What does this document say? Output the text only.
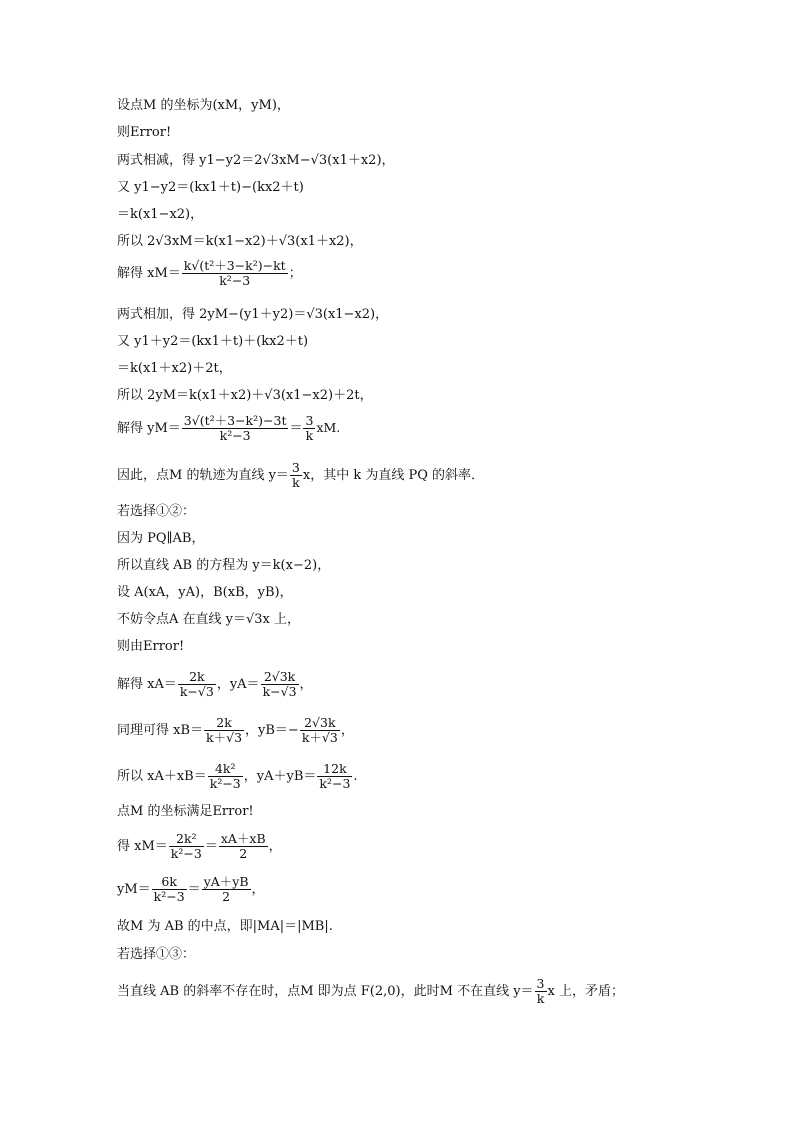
设点M 的坐标为(xM，yM)，
则Error!
两式相减，得 y1−y2＝2√3xM−√3(x1＋x2)，
又 y1−y2＝(kx1＋t)−(kx2＋t)
＝k(x1−x2)，
所以 2√3xM＝k(x1−x2)＋√3(x1＋x2)，
解得 $xM= \frac{\text{k√(t²＋3−k²)−kt}}{\text{k²−3}}$ ；
两式相加，得 2yM−(y1＋y2)＝√3(x1−x2)，
又 y1＋y2＝(kx1＋t)＋(kx2＋t)
＝k(x1＋x2)＋2t，
所以 2yM＝k(x1＋x2)＋√3(x1−x2)＋2t，
解得 $yM= \frac{\text{3√(t²＋3−k²)−3t}}{\text{k²−3}} = \frac{3}{k}$ xM.
因此，点M 的轨迹为直线 $y= \frac{3}{k}$ x，其中 k 为直线 PQ 的斜率．
若选择①②：
因为 PQ∥AB，
所以直线 AB 的方程为 y＝k(x−2)，
设 A(xA，yA)，B(xB，yB)，
不妨令点A 在直线 y＝√3x 上，
则由Error!
解得 $xA= \frac{2k}{k-√3}$ ，$yA= \frac{2√3k}{k-√3}$ ，
同理可得 $xB= \frac{2k}{k+√3}$ ，$yB=- \frac{2√3k}{k+√3}$ ，
所以 $xA+xB= \frac{\text{4k²}}{\text{k²−3}}$ ，$yA+yB= \frac{12k}{\text{k²−3}}$ .
点M 的坐标满足Error!
得 $xM= \frac{\text{2k²}}{\text{k²−3}} = \frac{xA+xB}{2}$ ，
$yM= \frac{6k}{\text{k²−3}} = \frac{yA+yB}{2}$ ，
故M 为 AB 的中点，即|MA|＝|MB|.
若选择①③：
当直线 AB 的斜率不存在时，点M 即为点 F(2,0)，此时M 不在直线 $y= \frac{3}{k}$ x 上，矛盾；
